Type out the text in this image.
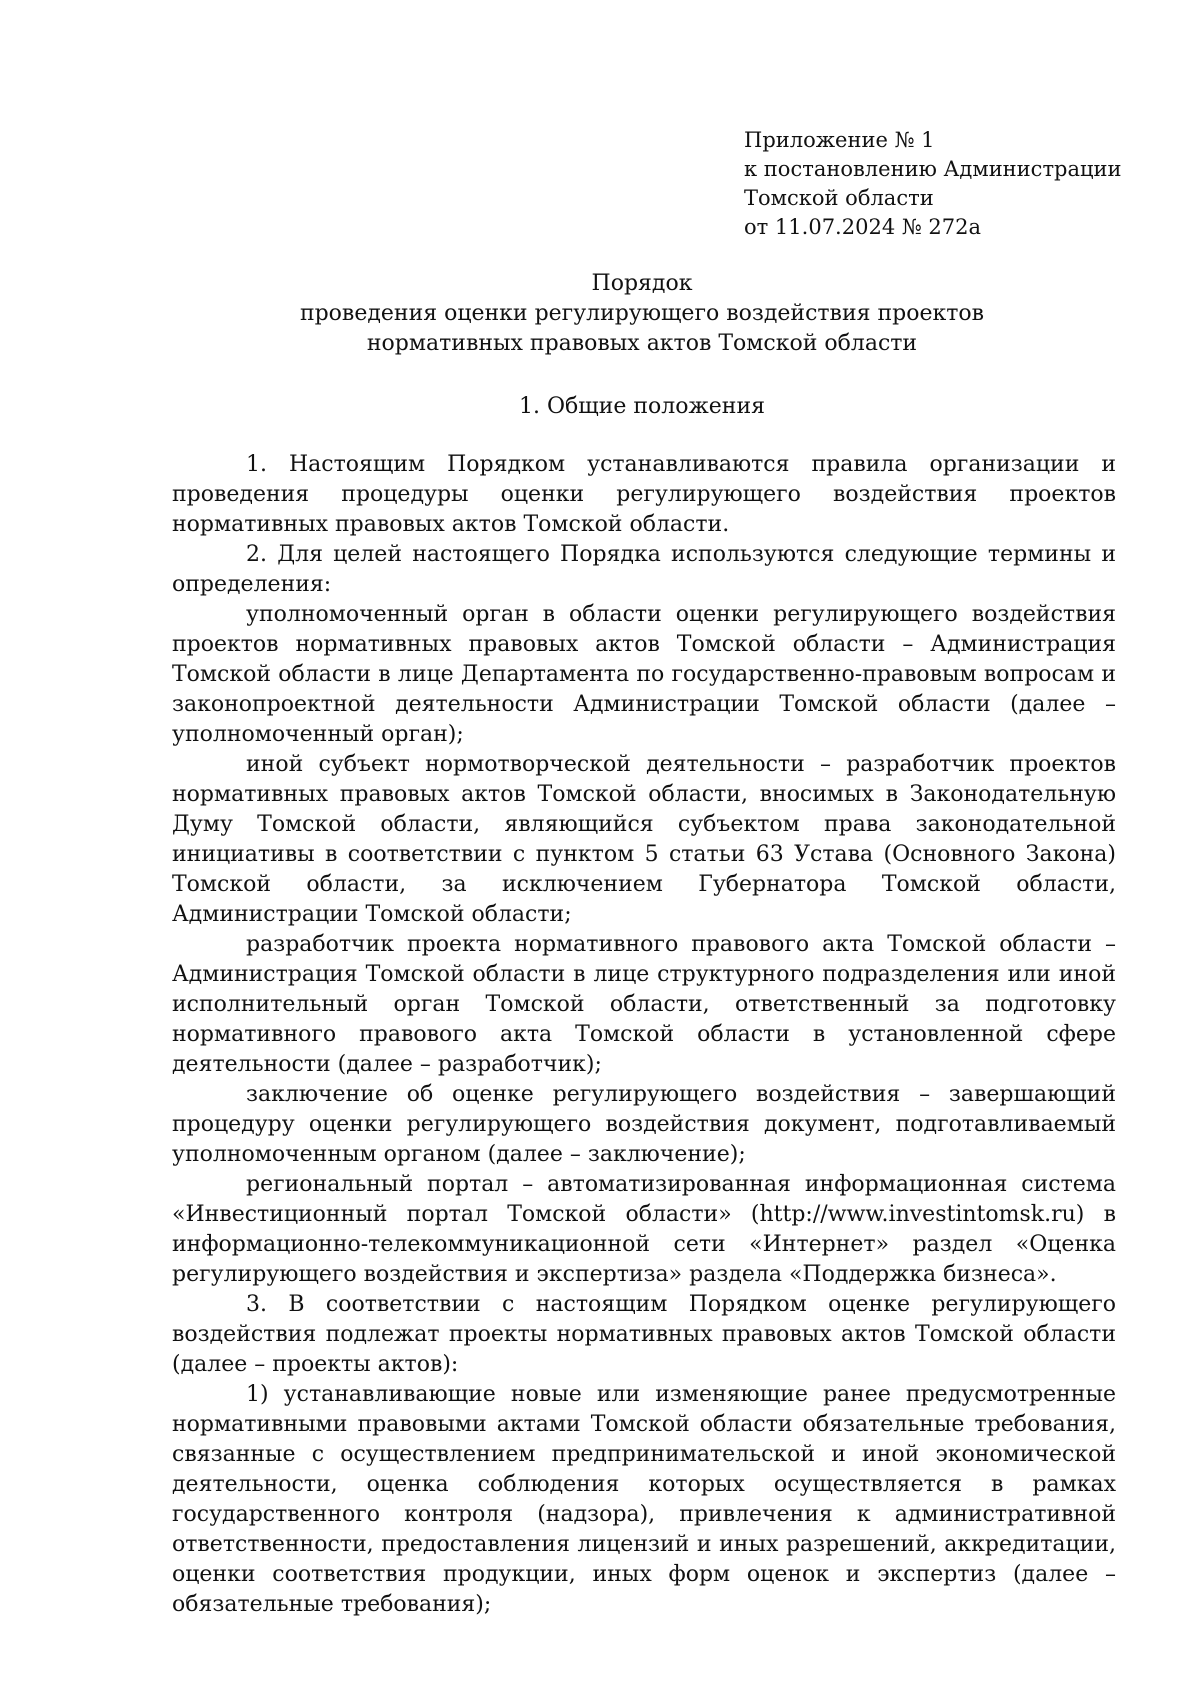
Приложение № 1
к постановлению Администрации
Томской области
от 11.07.2024 № 272а
Порядок
проведения оценки регулирующего воздействия проектов
нормативных правовых актов Томской области
1. Общие положения

1. Настоящим Порядком устанавливаются правила организации и проведения процедуры оценки регулирующего воздействия проектов нормативных правовых актов Томской области.

2. Для целей настоящего Порядка используются следующие термины и определения:

уполномоченный орган в области оценки регулирующего воздействия проектов нормативных правовых актов Томской области – Администрация Томской области в лице Департамента по государственно-правовым вопросам и законопроектной деятельности Администрации Томской области (далее – уполномоченный орган);

иной субъект нормотворческой деятельности – разработчик проектов нормативных правовых актов Томской области, вносимых в Законодательную Думу Томской области, являющийся субъектом права законодательной инициативы в соответствии с пунктом 5 статьи 63 Устава (Основного Закона) Томской области, за исключением Губернатора Томской области, Администрации Томской области;

разработчик проекта нормативного правового акта Томской области – Администрация Томской области в лице структурного подразделения или иной исполнительный орган Томской области, ответственный за подготовку нормативного правового акта Томской области в установленной сфере деятельности (далее – разработчик);

заключение об оценке регулирующего воздействия – завершающий процедуру оценки регулирующего воздействия документ, подготавливаемый уполномоченным органом (далее – заключение);

региональный портал – автоматизированная информационная система «Инвестиционный портал Томской области» (http://www.investintomsk.ru) в информационно-телекоммуникационной сети «Интернет» раздел «Оценка регулирующего воздействия и экспертиза» раздела «Поддержка бизнеса».

3. В соответствии с настоящим Порядком оценке регулирующего воздействия подлежат проекты нормативных правовых актов Томской области (далее – проекты актов):

1) устанавливающие новые или изменяющие ранее предусмотренные нормативными правовыми актами Томской области обязательные требования, связанные с осуществлением предпринимательской и иной экономической деятельности, оценка соблюдения которых осуществляется в рамках государственного контроля (надзора), привлечения к административной ответственности, предоставления лицензий и иных разрешений, аккредитации, оценки соответствия продукции, иных форм оценок и экспертиз (далее – обязательные требования);
